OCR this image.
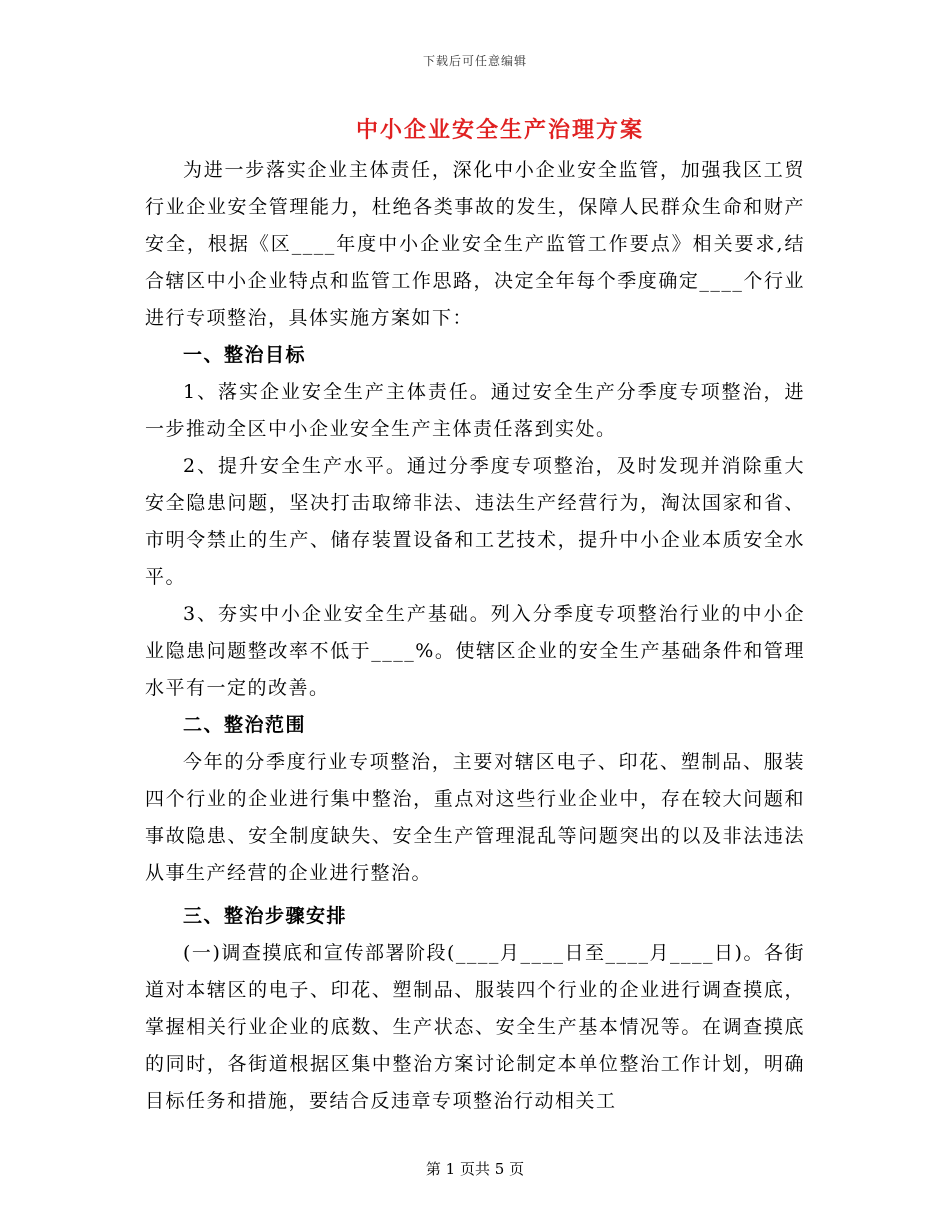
下载后可任意编辑
中小企业安全生产治理方案

为进一步落实企业主体责任，深化中小企业安全监管，加强我区工贸行业企业安全管理能力，杜绝各类事故的发生，保障人民群众生命和财产安全，根据《区____年度中小企业安全生产监管工作要点》相关要求,结合辖区中小企业特点和监管工作思路，决定全年每个季度确定____个行业进行专项整治，具体实施方案如下：

一、整治目标

1、落实企业安全生产主体责任。通过安全生产分季度专项整治，进一步推动全区中小企业安全生产主体责任落到实处。

2、提升安全生产水平。通过分季度专项整治，及时发现并消除重大安全隐患问题，坚决打击取缔非法、违法生产经营行为，淘汰国家和省、市明令禁止的生产、储存装置设备和工艺技术，提升中小企业本质安全水平。

3、夯实中小企业安全生产基础。列入分季度专项整治行业的中小企业隐患问题整改率不低于____%。使辖区企业的安全生产基础条件和管理水平有一定的改善。

二、整治范围

今年的分季度行业专项整治，主要对辖区电子、印花、塑制品、服装四个行业的企业进行集中整治，重点对这些行业企业中，存在较大问题和事故隐患、安全制度缺失、安全生产管理混乱等问题突出的以及非法违法从事生产经营的企业进行整治。

三、整治步骤安排

(一)调查摸底和宣传部署阶段(____月____日至____月____日)。各街道对本辖区的电子、印花、塑制品、服装四个行业的企业进行调查摸底，掌握相关行业企业的底数、生产状态、安全生产基本情况等。在调查摸底的同时，各街道根据区集中整治方案讨论制定本单位整治工作计划，明确目标任务和措施，要结合反违章专项整治行动相关工

第 1 页共 5 页
